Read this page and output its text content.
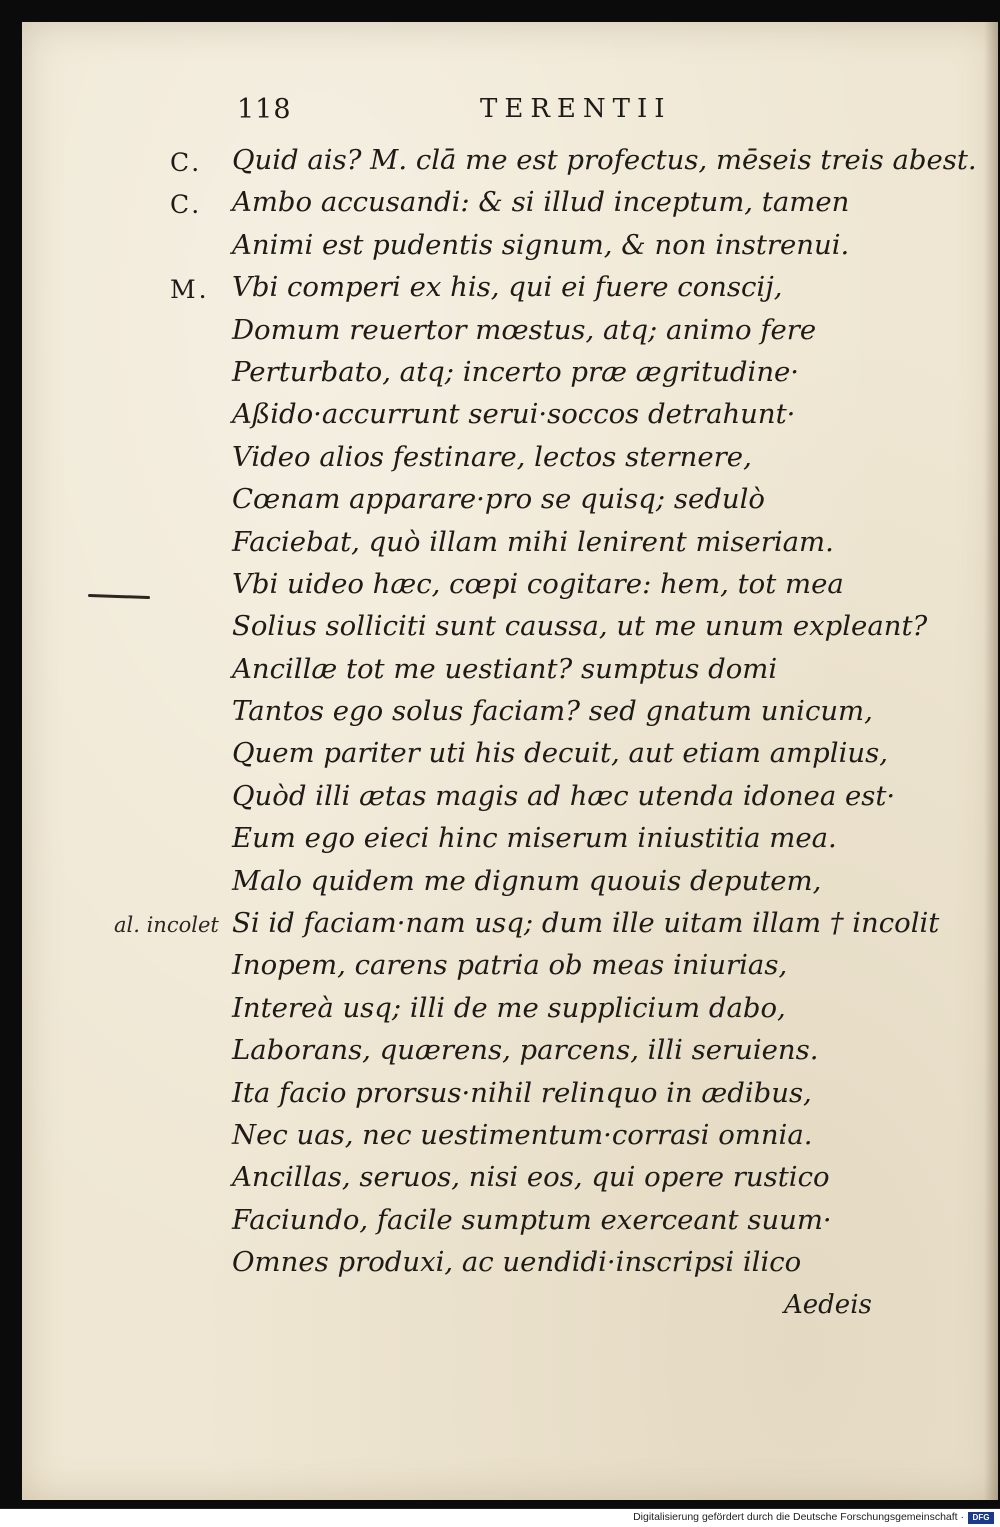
118	TERENTII
C.	Quid ais? M. clā me est profectus, mēseis treis abest.
C.	Ambo accusandi: & si illud inceptum, tamen
Animi est pudentis signum, & non instrenui.
M. Vbi comperi ex his, qui ei fuere conscij,
Domum reuertor mœstus, atq; animo fere
Perturbato, atq; incerto præ ægritudine·
Aßido·accurrunt serui·soccos detrahunt·
Video alios festinare, lectos sternere,
Cœnam apparare·pro se quisq; sedulò
Faciebat, quò illam mihi lenirent miseriam.
Vbi uideo hæc, cœpi cogitare: hem, tot mea
Solius solliciti sunt caussa, ut me unum expleant?
Ancillæ tot me uestiant? sumptus domi
Tantos ego solus faciam? sed gnatum unicum,
Quem pariter uti his decuit, aut etiam amplius,
Quòd illi ætas magis ad hæc utenda idonea est·
Eum ego eieci hinc miserum iniustitia mea.
Malo quidem me dignum quouis deputem,
al. incolet Si id faciam·nam usq; dum ille uitam illam † incolit
Inopem, carens patria ob meas iniurias,
Intereà usq; illi de me supplicium dabo,
Laborans, quærens, parcens, illi seruiens.
Ita facio prorsus·nihil relinquo in ædibus,
Nec uas, nec uestimentum·corrasi omnia.
Ancillas, seruos, nisi eos, qui opere rustico
Faciundo, facile sumptum exerceant suum·
Omnes produxi, ac uendidi·inscripsi ilico
Aedeis
Digitalisierung gefördert durch die Deutsche Forschungsgemeinschaft ·	DFG
